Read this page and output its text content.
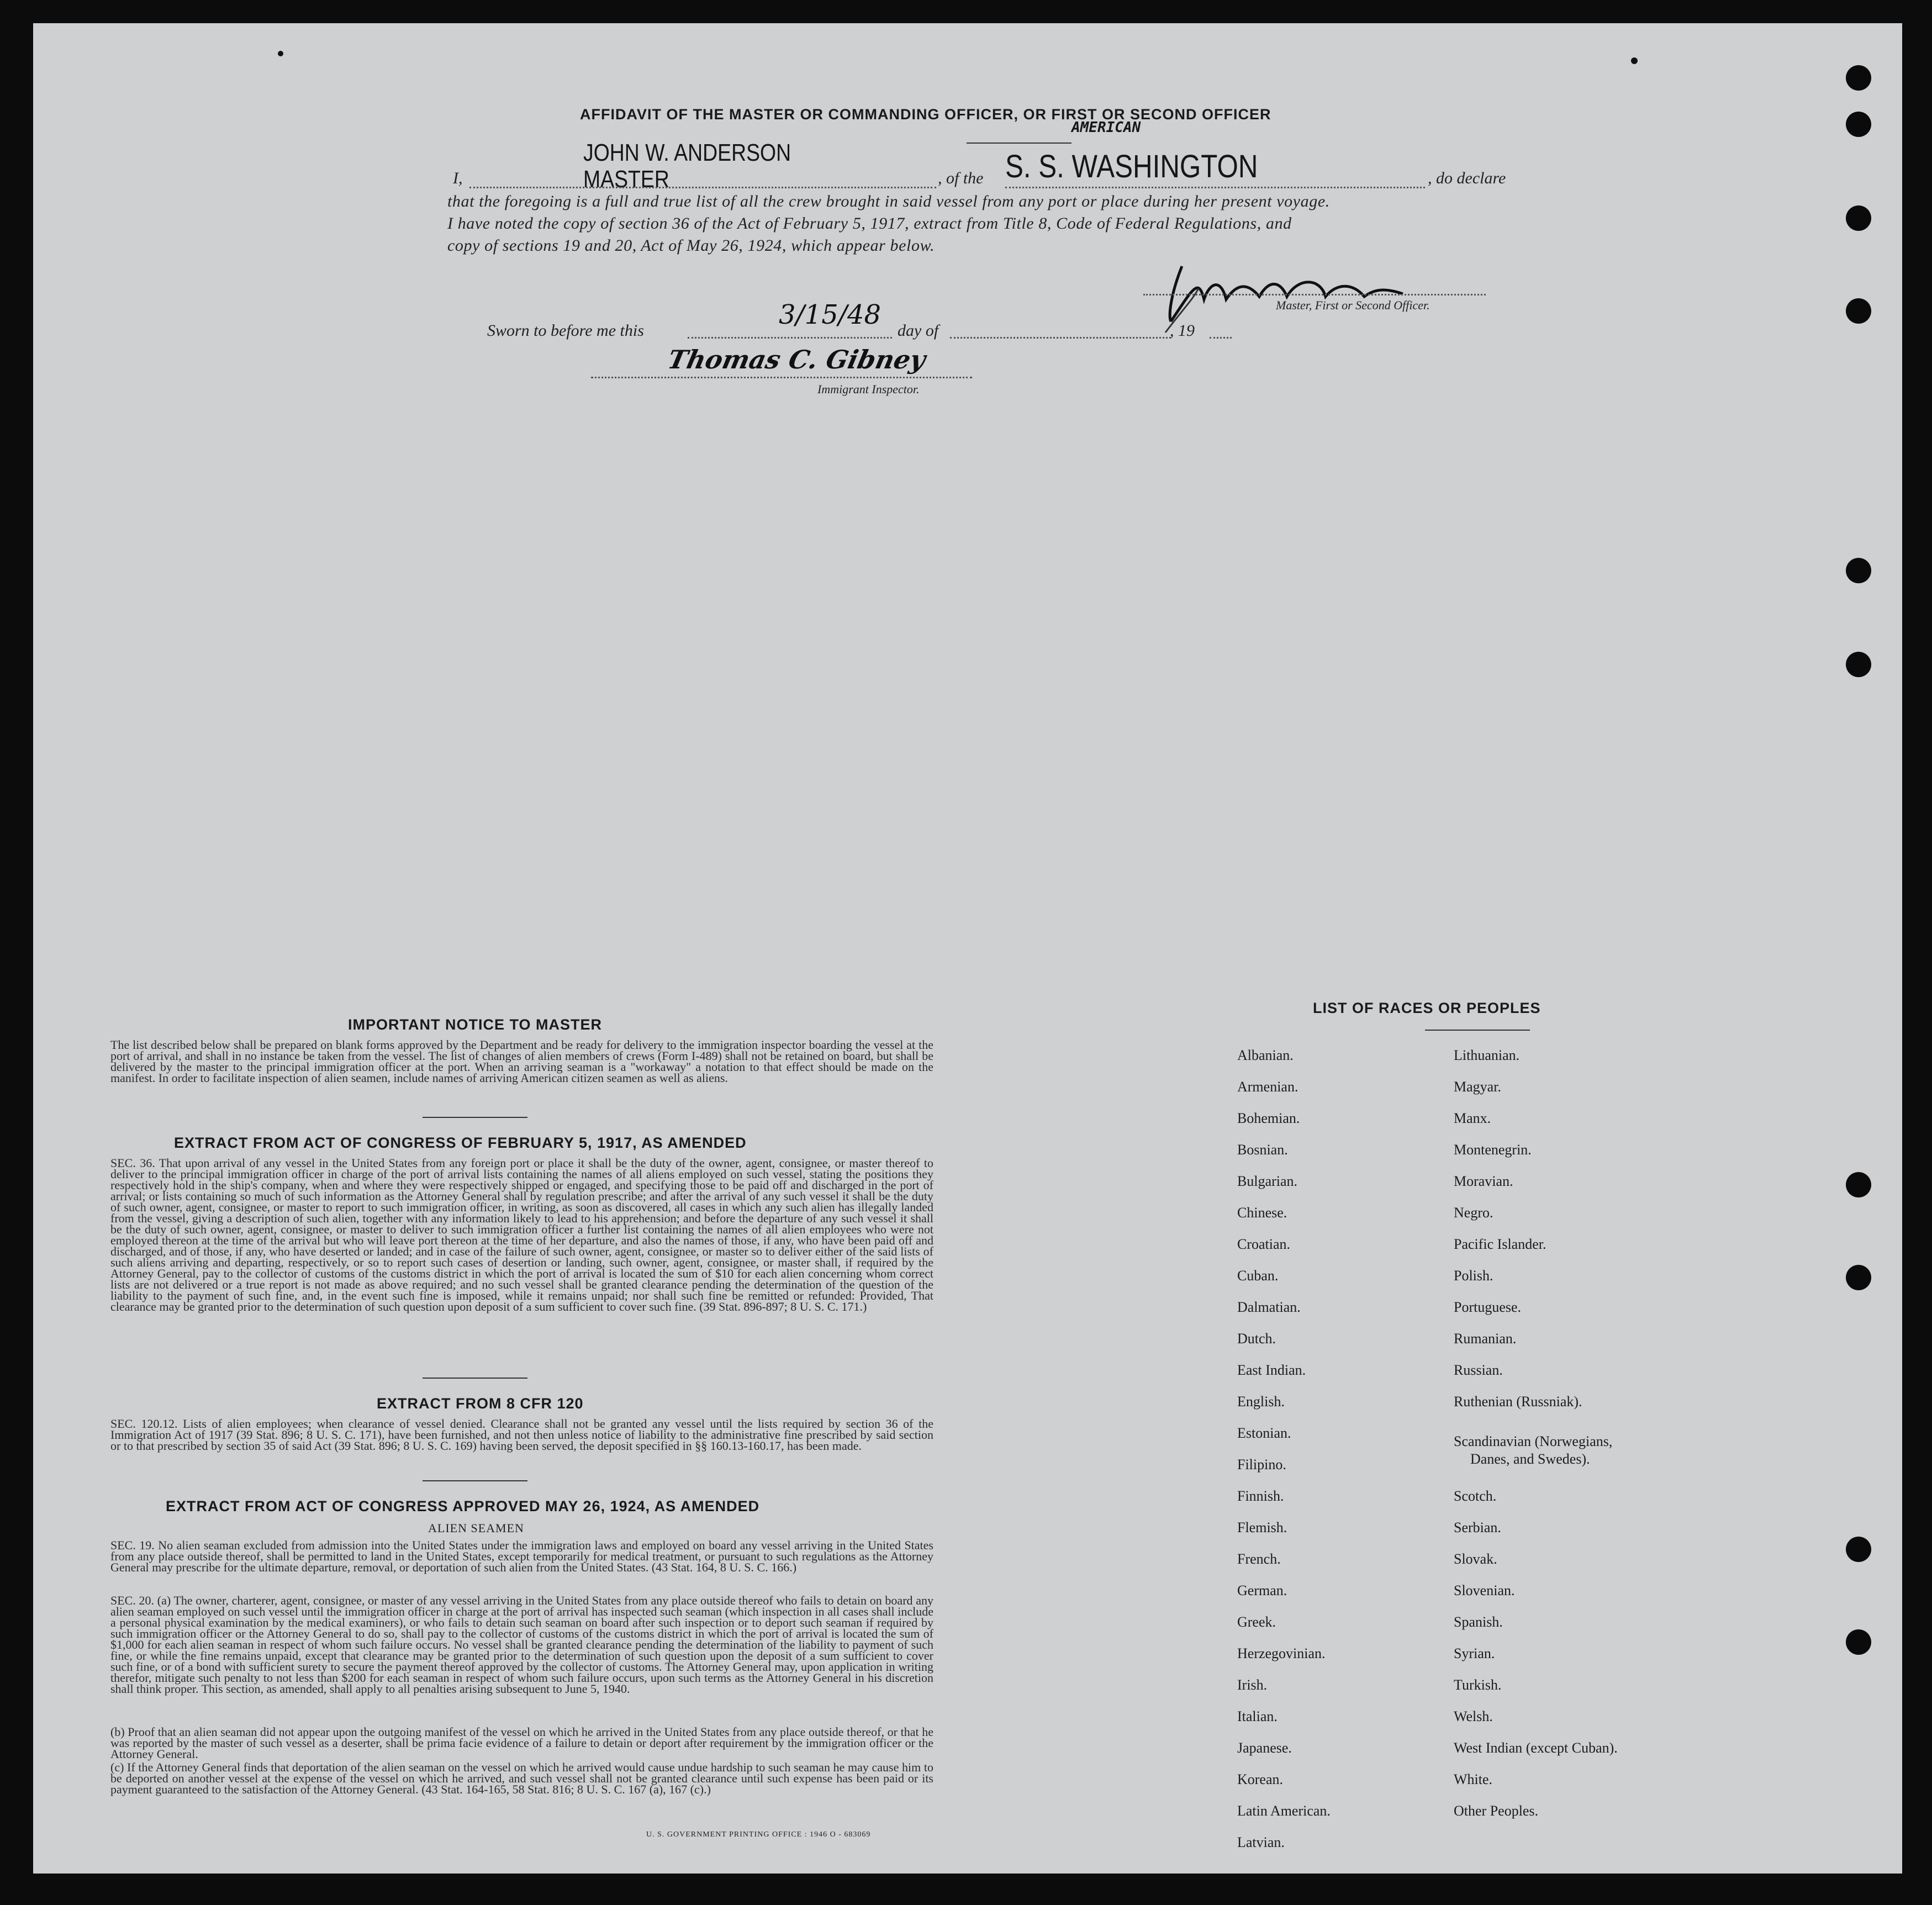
AFFIDAVIT OF THE MASTER OR COMMANDING OFFICER, OR FIRST OR SECOND OFFICER
AMERICAN
I,
JOHN W. ANDERSON
MASTER	, of the S. S. WASHINGTON	, do declare
that the foregoing is a full and true list of all the crew brought in said vessel from any port or place during her present voyage.
I have noted the copy of section 36 of the Act of February 5, 1917, extract from Title 8, Code of Federal Regulations, and
copy of sections 19 and 20, Act of May 26, 1924, which appear below.
Master, First or Second Officer.
Sworn to before me this
3/15/48
day of	, 19
Thomas C. Gibney
Immigrant Inspector.
IMPORTANT NOTICE TO MASTER
The list described below shall be prepared on blank forms approved by the Department and be ready for delivery to the immigration inspector boarding the vessel at the port of arrival, and shall in no instance be taken from the vessel. The list of changes of alien members of crews (Form I-489) shall not be retained on board, but shall be delivered by the master to the principal immigration officer at the port. When an arriving seaman is a "workaway" a notation to that effect should be made on the manifest. In order to facilitate inspection of alien seamen, include names of arriving American citizen seamen as well as aliens.
EXTRACT FROM ACT OF CONGRESS OF FEBRUARY 5, 1917, AS AMENDED
SEC. 36. That upon arrival of any vessel in the United States from any foreign port or place it shall be the duty of the owner, agent, consignee, or master thereof to deliver to the principal immigration officer in charge of the port of arrival lists containing the names of all aliens employed on such vessel, stating the positions they respectively hold in the ship's company, when and where they were respectively shipped or engaged, and specifying those to be paid off and discharged in the port of arrival; or lists containing so much of such information as the Attorney General shall by regulation prescribe; and after the arrival of any such vessel it shall be the duty of such owner, agent, consignee, or master to report to such immigration officer, in writing, as soon as discovered, all cases in which any such alien has illegally landed from the vessel, giving a description of such alien, together with any information likely to lead to his apprehension; and before the departure of any such vessel it shall be the duty of such owner, agent, consignee, or master to deliver to such immigration officer a further list containing the names of all alien employees who were not employed thereon at the time of the arrival but who will leave port thereon at the time of her departure, and also the names of those, if any, who have been paid off and discharged, and of those, if any, who have deserted or landed; and in case of the failure of such owner, agent, consignee, or master so to deliver either of the said lists of such aliens arriving and departing, respectively, or so to report such cases of desertion or landing, such owner, agent, consignee, or master shall, if required by the Attorney General, pay to the collector of customs of the customs district in which the port of arrival is located the sum of $10 for each alien concerning whom correct lists are not delivered or a true report is not made as above required; and no such vessel shall be granted clearance pending the determination of the question of the liability to the payment of such fine, and, in the event such fine is imposed, while it remains unpaid; nor shall such fine be remitted or refunded: Provided, That clearance may be granted prior to the determination of such question upon deposit of a sum sufficient to cover such fine. (39 Stat. 896-897; 8 U. S. C. 171.)
EXTRACT FROM 8 CFR 120
SEC. 120.12. Lists of alien employees; when clearance of vessel denied. Clearance shall not be granted any vessel until the lists required by section 36 of the Immigration Act of 1917 (39 Stat. 896; 8 U. S. C. 171), have been furnished, and not then unless notice of liability to the administrative fine prescribed by said section or to that prescribed by section 35 of said Act (39 Stat. 896; 8 U. S. C. 169) having been served, the deposit specified in §§ 160.13-160.17, has been made.
EXTRACT FROM ACT OF CONGRESS APPROVED MAY 26, 1924, AS AMENDED
ALIEN SEAMEN
SEC. 19. No alien seaman excluded from admission into the United States under the immigration laws and employed on board any vessel arriving in the United States from any place outside thereof, shall be permitted to land in the United States, except temporarily for medical treatment, or pursuant to such regulations as the Attorney General may prescribe for the ultimate departure, removal, or deportation of such alien from the United States. (43 Stat. 164, 8 U. S. C. 166.)
SEC. 20. (a) The owner, charterer, agent, consignee, or master of any vessel arriving in the United States from any place outside thereof who fails to detain on board any alien seaman employed on such vessel until the immigration officer in charge at the port of arrival has inspected such seaman (which inspection in all cases shall include a personal physical examination by the medical examiners), or who fails to detain such seaman on board after such inspection or to deport such seaman if required by such immigration officer or the Attorney General to do so, shall pay to the collector of customs of the customs district in which the port of arrival is located the sum of $1,000 for each alien seaman in respect of whom such failure occurs. No vessel shall be granted clearance pending the determination of the liability to payment of such fine, or while the fine remains unpaid, except that clearance may be granted prior to the determination of such question upon the deposit of a sum sufficient to cover such fine, or of a bond with sufficient surety to secure the payment thereof approved by the collector of customs. The Attorney General may, upon application in writing therefor, mitigate such penalty to not less than $200 for each seaman in respect of whom such failure occurs, upon such terms as the Attorney General in his discretion shall think proper. This section, as amended, shall apply to all penalties arising subsequent to June 5, 1940.
(b) Proof that an alien seaman did not appear upon the outgoing manifest of the vessel on which he arrived in the United States from any place outside thereof, or that he was reported by the master of such vessel as a deserter, shall be prima facie evidence of a failure to detain or deport after requirement by the immigration officer or the Attorney General.
(c) If the Attorney General finds that deportation of the alien seaman on the vessel on which he arrived would cause undue hardship to such seaman he may cause him to be deported on another vessel at the expense of the vessel on which he arrived, and such vessel shall not be granted clearance until such expense has been paid or its payment guaranteed to the satisfaction of the Attorney General. (43 Stat. 164-165, 58 Stat. 816; 8 U. S. C. 167 (a), 167 (c).)
U. S. GOVERNMENT PRINTING OFFICE : 1946 O - 683069
LIST OF RACES OR PEOPLES
Albanian.
Armenian.
Bohemian.
Bosnian.
Bulgarian.
Chinese.
Croatian.
Cuban.
Dalmatian.
Dutch.
East Indian.
English.
Estonian.
Filipino.
Finnish.
Flemish.
French.
German.
Greek.
Herzegovinian.
Irish.
Italian.
Japanese.
Korean.
Latin American.
Latvian.
Lithuanian.
Magyar.
Manx.
Montenegrin.
Moravian.
Negro.
Pacific Islander.
Polish.
Portuguese.
Rumanian.
Russian.
Ruthenian (Russniak).
Scandinavian (Norwegians,
Danes, and Swedes).
Scotch.
Serbian.
Slovak.
Slovenian.
Spanish.
Syrian.
Turkish.
Welsh.
West Indian (except Cuban).
White.
Other Peoples.
